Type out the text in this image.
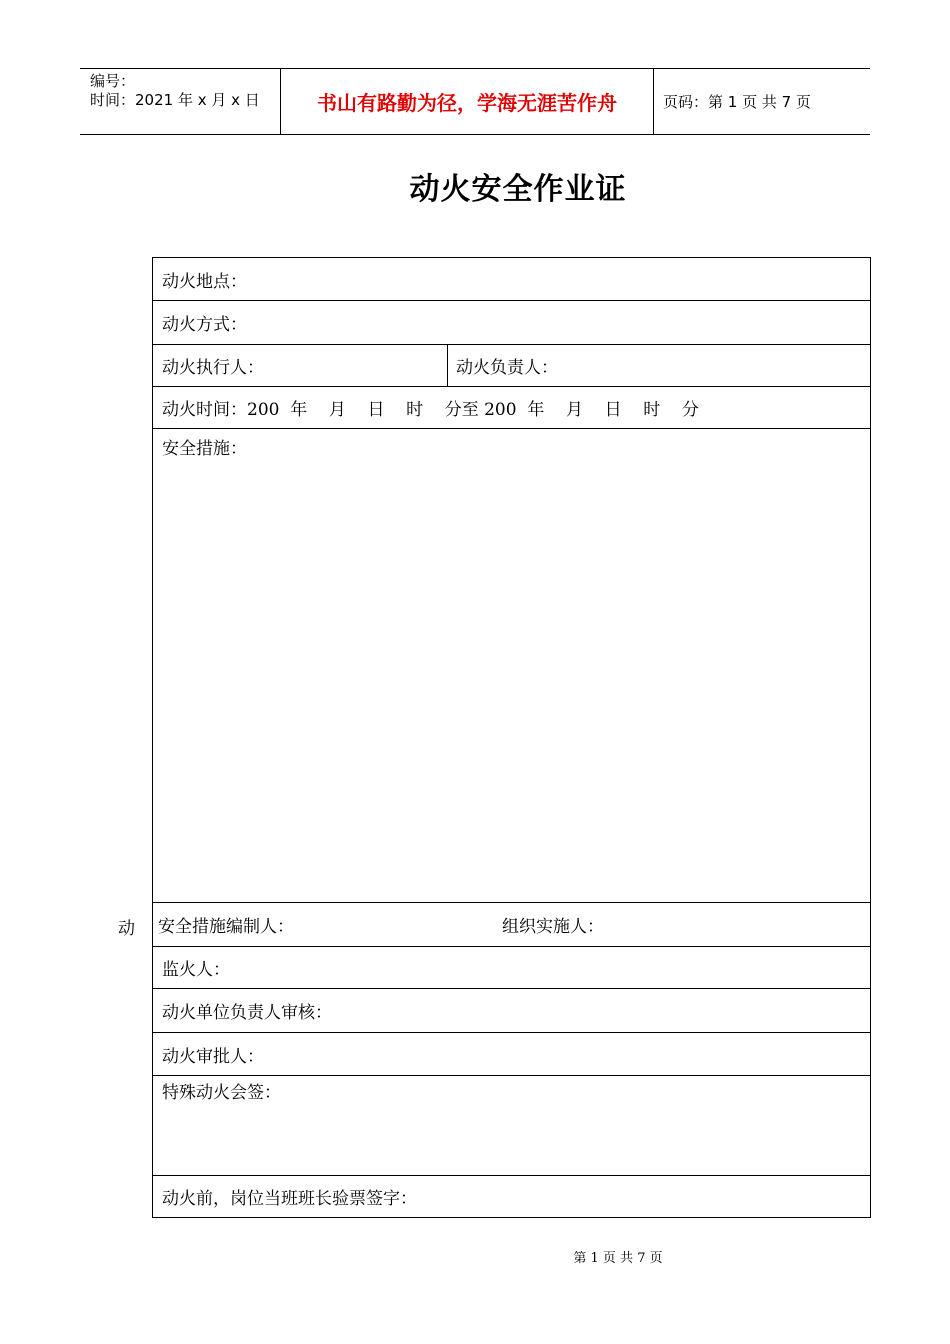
编号：
时间：2021 年 x 月 x 日	书山有路勤为径，学海无涯苦作舟	页码：第 1 页 共 7 页
动火安全作业证
动
动火地点：
动火方式：
动火执行人：	动火负责人：
动火时间：200  年    月    日    时    分至 200  年    月    日    时    分
安全措施：
安全措施编制人：	组织实施人：
监火人：
动火单位负责人审核：
动火审批人：
特殊动火会签：
动火前，岗位当班班长验票签字：
第 1 页 共 7 页
